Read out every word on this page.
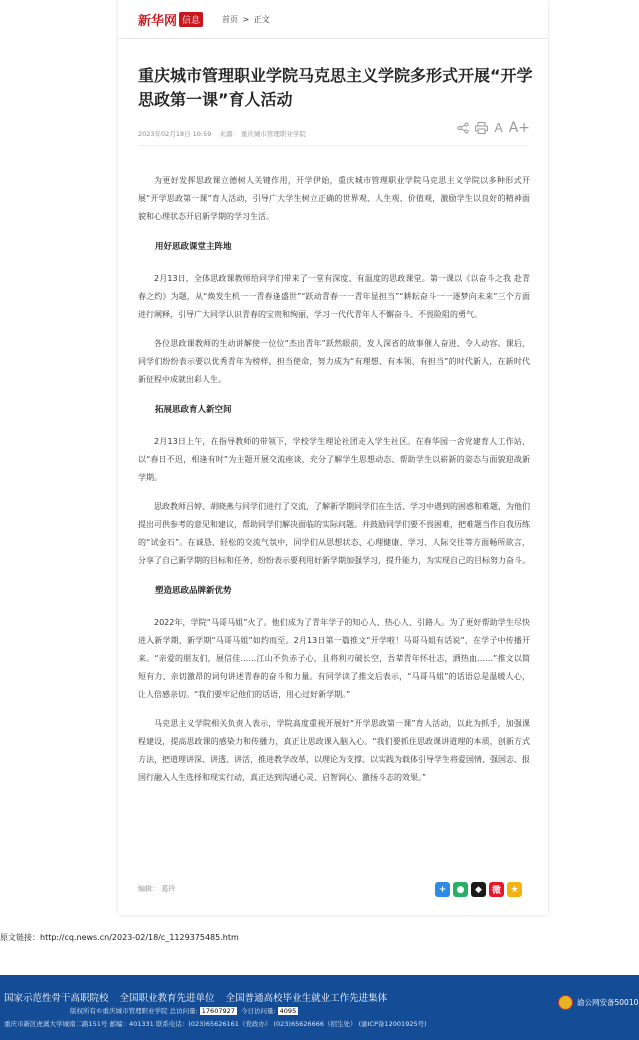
新华网 信息	首页 > 正文
重庆城市管理职业学院马克思主义学院多形式开展“开学思政第一课”育人活动
2023年02月18日 10:59 来源： 重庆城市管理职业学院	A A+

为更好发挥思政课立德树人关键作用，开学伊始，重庆城市管理职业学院马克思主义学院以多种形式开展“开学思政第一课”育人活动，引导广大学生树立正确的世界观、人生观、价值观，激励学生以良好的精神面貌和心理状态开启新学期的学习生活。

用好思政课堂主阵地

2月13日，全体思政课教师给同学们带来了一堂有深度、有温度的思政课堂。第一课以《以奋斗之我 赴青春之约》为题，从“焕发生机一一青春逢盛世”“跃动青春一一青年显担当”“耕耘奋斗一一逐梦向未来”三个方面进行阐释，引导广大同学认识青春的宝贵和绚丽，学习一代代青年人不懈奋斗、不畏险阻的勇气。

各位思政课教师的生动讲解使一位位“杰出青年”跃然眼前，发人深省的故事催人奋进、令人动容。课后，同学们纷纷表示要以优秀青年为榜样，担当使命，努力成为“有理想、有本领、有担当”的时代新人，在新时代新征程中成就出彩人生。

拓展思政育人新空间

2月13日上午，在指导教师的带领下，学校学生理论社团走入学生社区。在春华园一舍党建育人工作站，以“春日不迟，相逢有时”为主题开展交流座谈，充分了解学生思想动态、帮助学生以崭新的姿态与面貌迎战新学期。

思政教师吕婷、胡晓燕与同学们进行了交流，了解新学期同学们在生活、学习中遇到的困惑和难题，为他们提出可供参考的意见和建议，帮助同学们解决面临的实际问题。并鼓励同学们要不畏困难，把难题当作自我历练的“试金石”。在诚恳、轻松的交流气氛中，同学们从思想状态、心理健康、学习、人际交往等方面畅所欲言，分享了自己新学期的目标和任务，纷纷表示要利用好新学期加强学习，提升能力，为实现自己的目标努力奋斗。

塑造思政品牌新优势

2022年，学院“马哥马姐”火了。他们成为了青年学子的知心人、热心人、引路人。为了更好帮助学生尽快进入新学期，新学期“马哥马姐”如约而至。2月13日第一篇推文“开学啦！马哥马姐有话说”，在学子中传播开来。“亲爱的朋友们，展信佳……江山不负赤子心，且将利刃破长空，吾辈青年怀壮志，洒热血……”推文以简短有力、亲切激昂的词句讲述青春的奋斗和力量。有同学读了推文后表示，“马哥马姐”的话语总是温暖人心，让人倍感亲切。“我们要牢记他们的话语，用心过好新学期。”

马克思主义学院相关负责人表示，学院高度重视开展好“开学思政第一课”育人活动，以此为抓手，加强课程建设，提高思政课的感染力和传播力，真正让思政课入脑入心。“我们要抓住思政课讲道理的本质，创新方式方法，把道理讲深、讲透、讲活，推进教学改革，以理论为支撑、以实践为载体引导学生将爱国情、强国志、报国行融入人生选择和现实行动，真正达到沟通心灵、启智润心、激扬斗志的效果。”

编辑： 葛玲	+	●	◆	微	★
原文链接：http://cq.news.cn/2023-02/18/c_1129375485.htm
国家示范性骨干高职院校 全国职业教育先进单位 全国普通高校毕业生就业工作先进集体
版权所有©重庆城市管理职业学院 总访问量: 17607927 今日访问量: 4095
重庆市新区虎溪大学城南二路151号 邮编：401331 联系电话：(023)65626161（党政办） (023)65626666（招生处） (渝ICP备12001925号)
渝公网安备50010
